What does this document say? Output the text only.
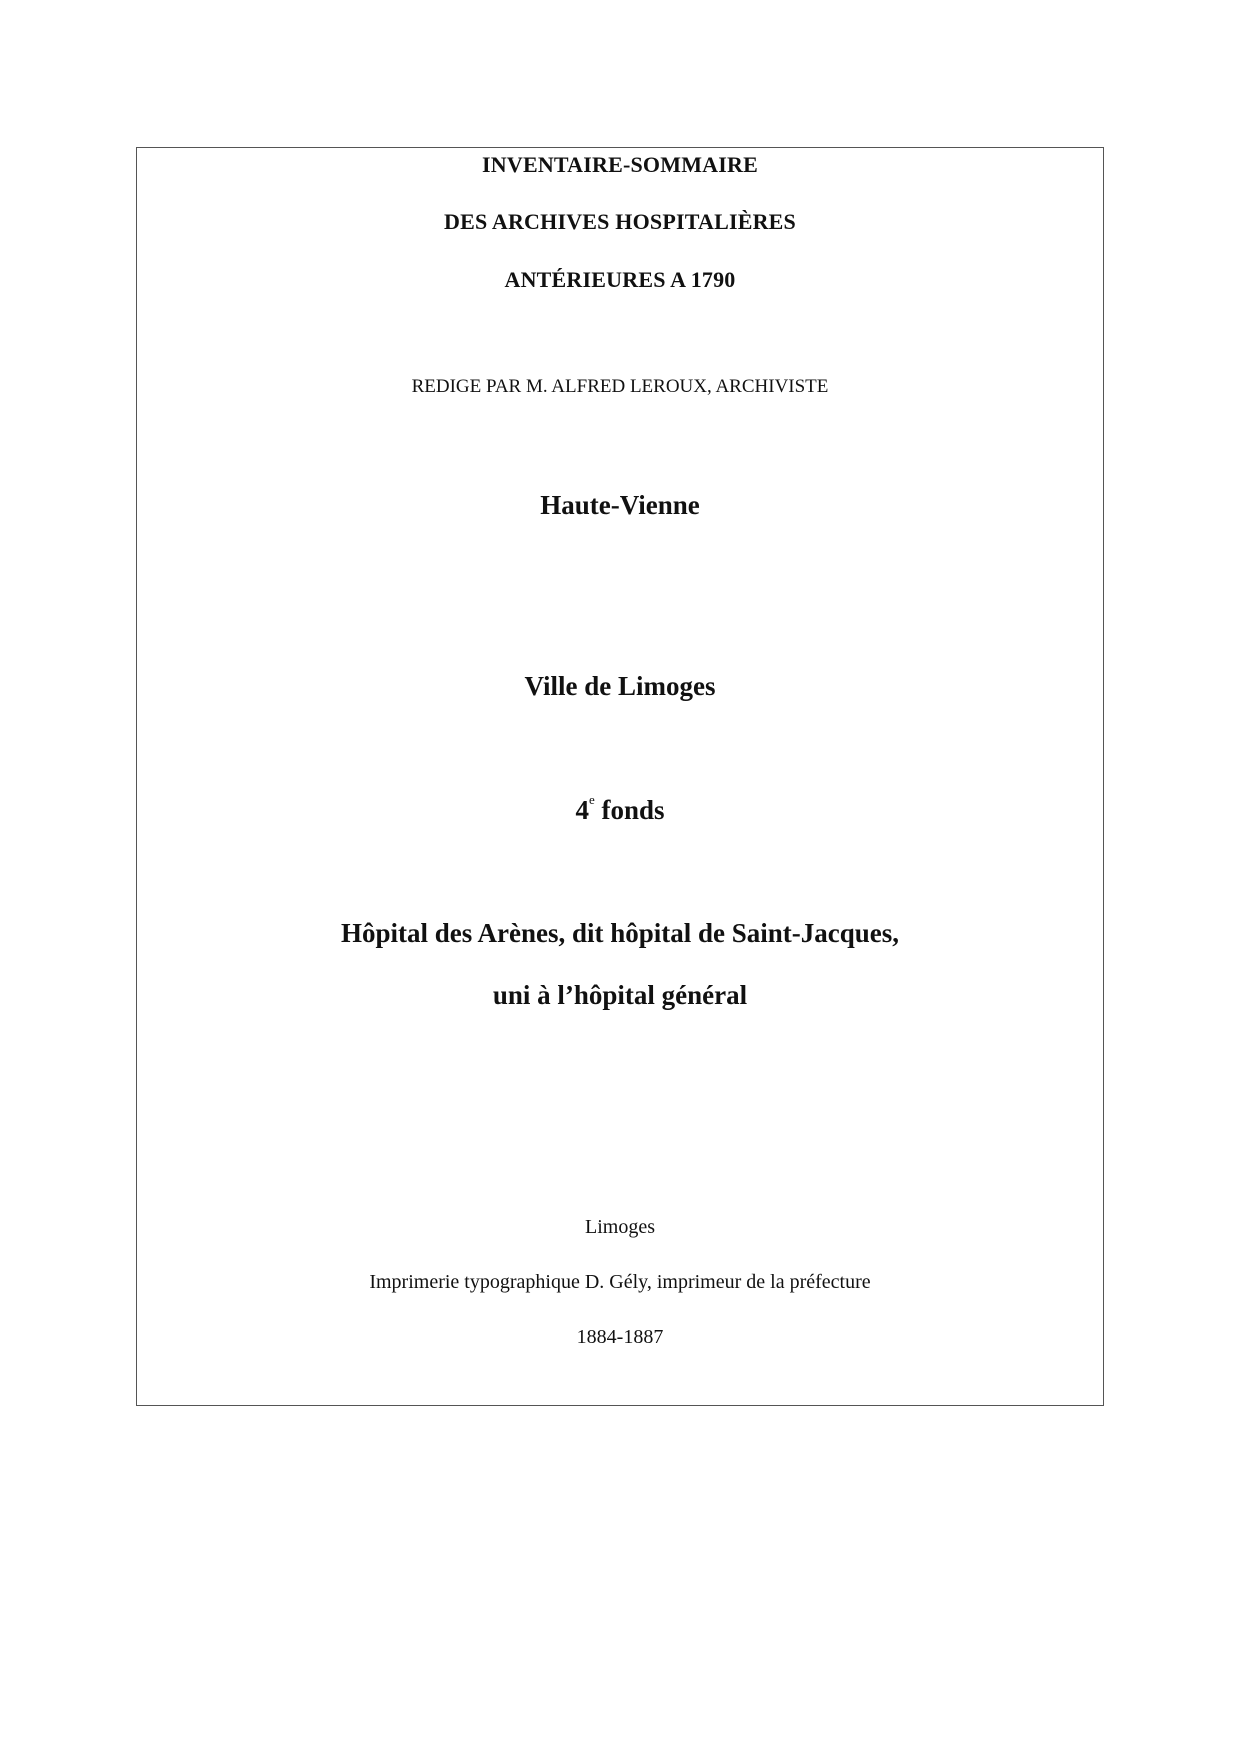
INVENTAIRE-SOMMAIRE
DES ARCHIVES HOSPITALIÈRES
ANTÉRIEURES A 1790
REDIGE PAR M. ALFRED LEROUX, ARCHIVISTE
Haute-Vienne
Ville de Limoges
4e fonds
Hôpital des Arènes, dit hôpital de Saint-Jacques,
uni à l’hôpital général
Limoges
Imprimerie typographique D. Gély, imprimeur de la préfecture
1884-1887
